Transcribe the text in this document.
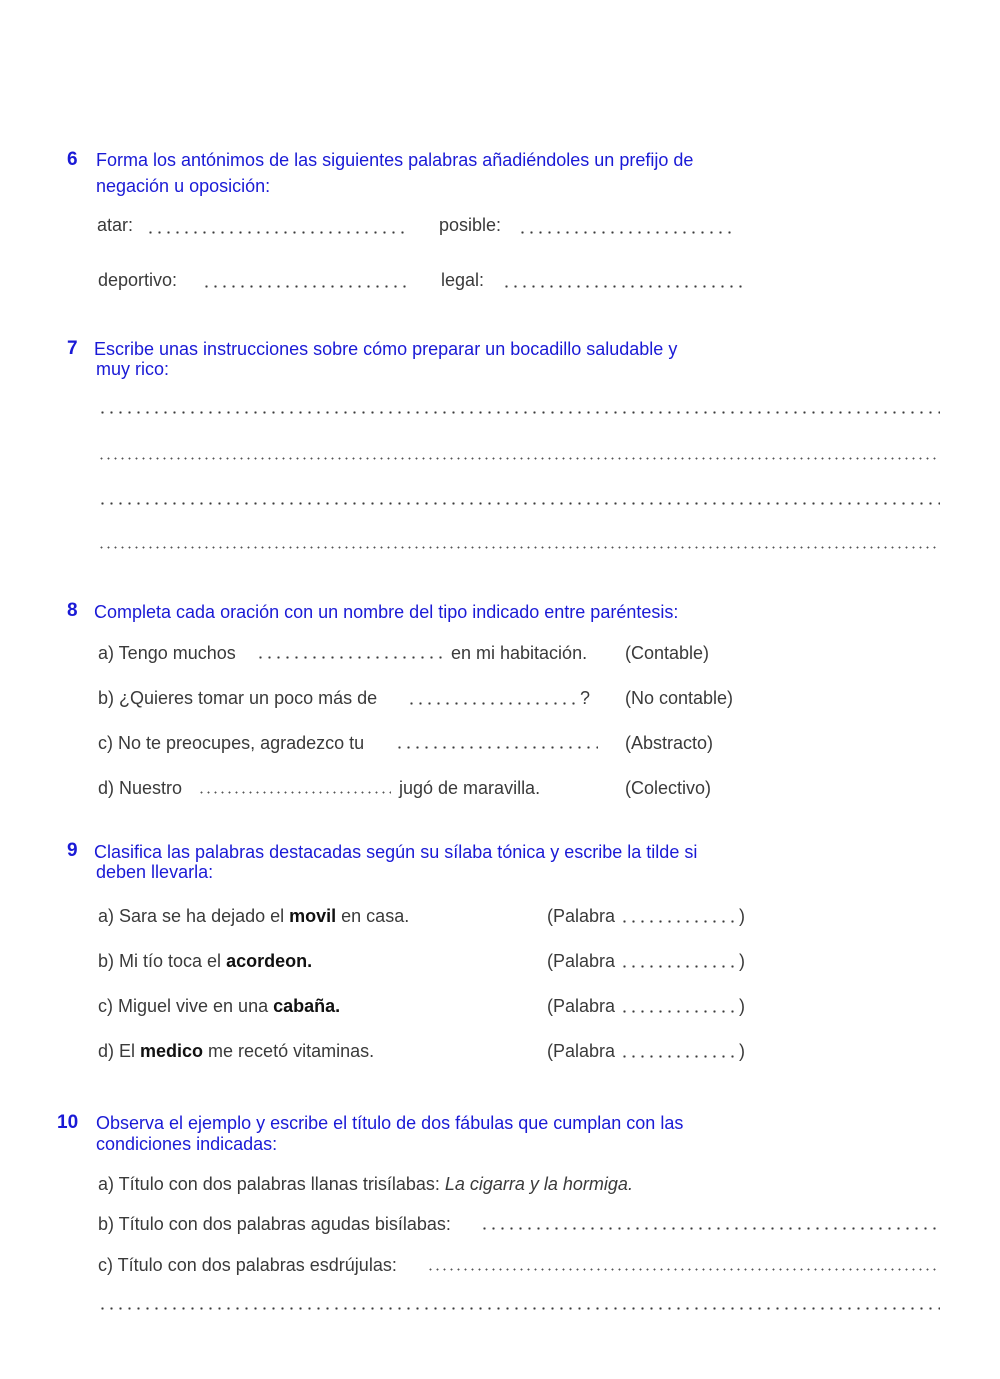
6 Forma los antónimos de las siguientes palabras añadiéndoles un prefijo de
negación u oposición:
atar:	posible:
deportivo:	legal:
7 Escribe unas instrucciones sobre cómo preparar un bocadillo saludable y
muy rico:
8 Completa cada oración con un nombre del tipo indicado entre paréntesis:
a) Tengo muchos	en mi habitación. (Contable)
b) ¿Quieres tomar un poco más de	? (No contable)
c) No te preocupes, agradezco tu	(Abstracto)
d) Nuestro	jugó de maravilla.	(Colectivo)
9 Clasifica las palabras destacadas según su sílaba tónica y escribe la tilde si
deben llevarla:
a) Sara se ha dejado el movil en casa.	(Palabra	)
b) Mi tío toca el acordeon.	(Palabra	)
c) Miguel vive en una cabaña.	(Palabra	)
d) El medico me recetó vitaminas.	(Palabra	)
10 Observa el ejemplo y escribe el título de dos fábulas que cumplan con las
condiciones indicadas:
a) Título con dos palabras llanas trisílabas: La cigarra y la hormiga.
b) Título con dos palabras agudas bisílabas:
c) Título con dos palabras esdrújulas:
